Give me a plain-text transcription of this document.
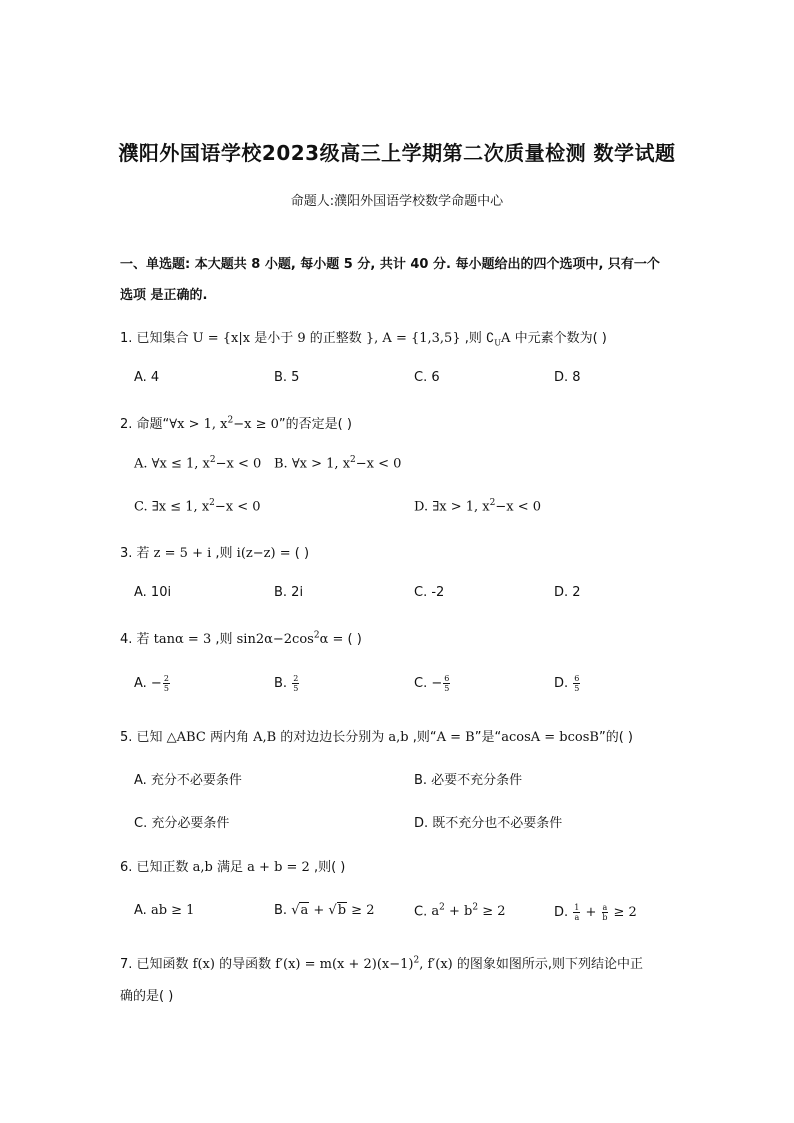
濮阳外国语学校2023级高三上学期第二次质量检测 数学试题
命题人:濮阳外国语学校数学命题中心
一、单选题: 本大题共 8 小题, 每小题 5 分, 共计 40 分. 每小题给出的四个选项中, 只有一个
选项 是正确的.
1. 已知集合 U = {x|x 是小于 9 的正整数 }, A = {1,3,5} ,则 $∁_UA$ 中元素个数为( )
A. 4	B. 5	C. 6	D. 8
2. 命题“∀x > 1, $x^2-x \ge 0$”的否定是( )
A. ∀x ≤ 1, $x^2-x < 0$ B. ∀x > 1, $x^2-x < 0$
C. ∃x ≤ 1, $x^2-x < 0$	D. ∃x > 1, $x^2-x < 0$
3. 若 z = 5 + i ,则 i(z−z) = ( )
A. 10i	B. 2i	C. -2	D. 2
4. 若 tanα = 3 ,则 $\sin 2\alpha-2\cos^2\alpha$ = ( )
A. − $\frac{2}{5}$	B. $\frac{2}{5}$	C. − $\frac{6}{5}$	D. $\frac{6}{5}$
5. 已知 △ABC 两内角 A,B 的对边边长分别为 a,b ,则“A = B”是“acosA = bcosB”的( )
A. 充分不必要条件	B. 必要不充分条件
C. 充分必要条件	D. 既不充分也不必要条件
6. 已知正数 a,b 满足 a + b = 2 ,则( )
A. ab ≥ 1	B. √a + √b ≥ 2	C. $a^2 + b^2 \ge 2$	D. $\frac{1}{a} + \frac{a}{b} \ge 2$
7. 已知函数 f(x) 的导函数 $f'(x) = m(x + 2)(x-1)^2$, f′(x) 的图象如图所示,则下列结论中正
确的是( )
